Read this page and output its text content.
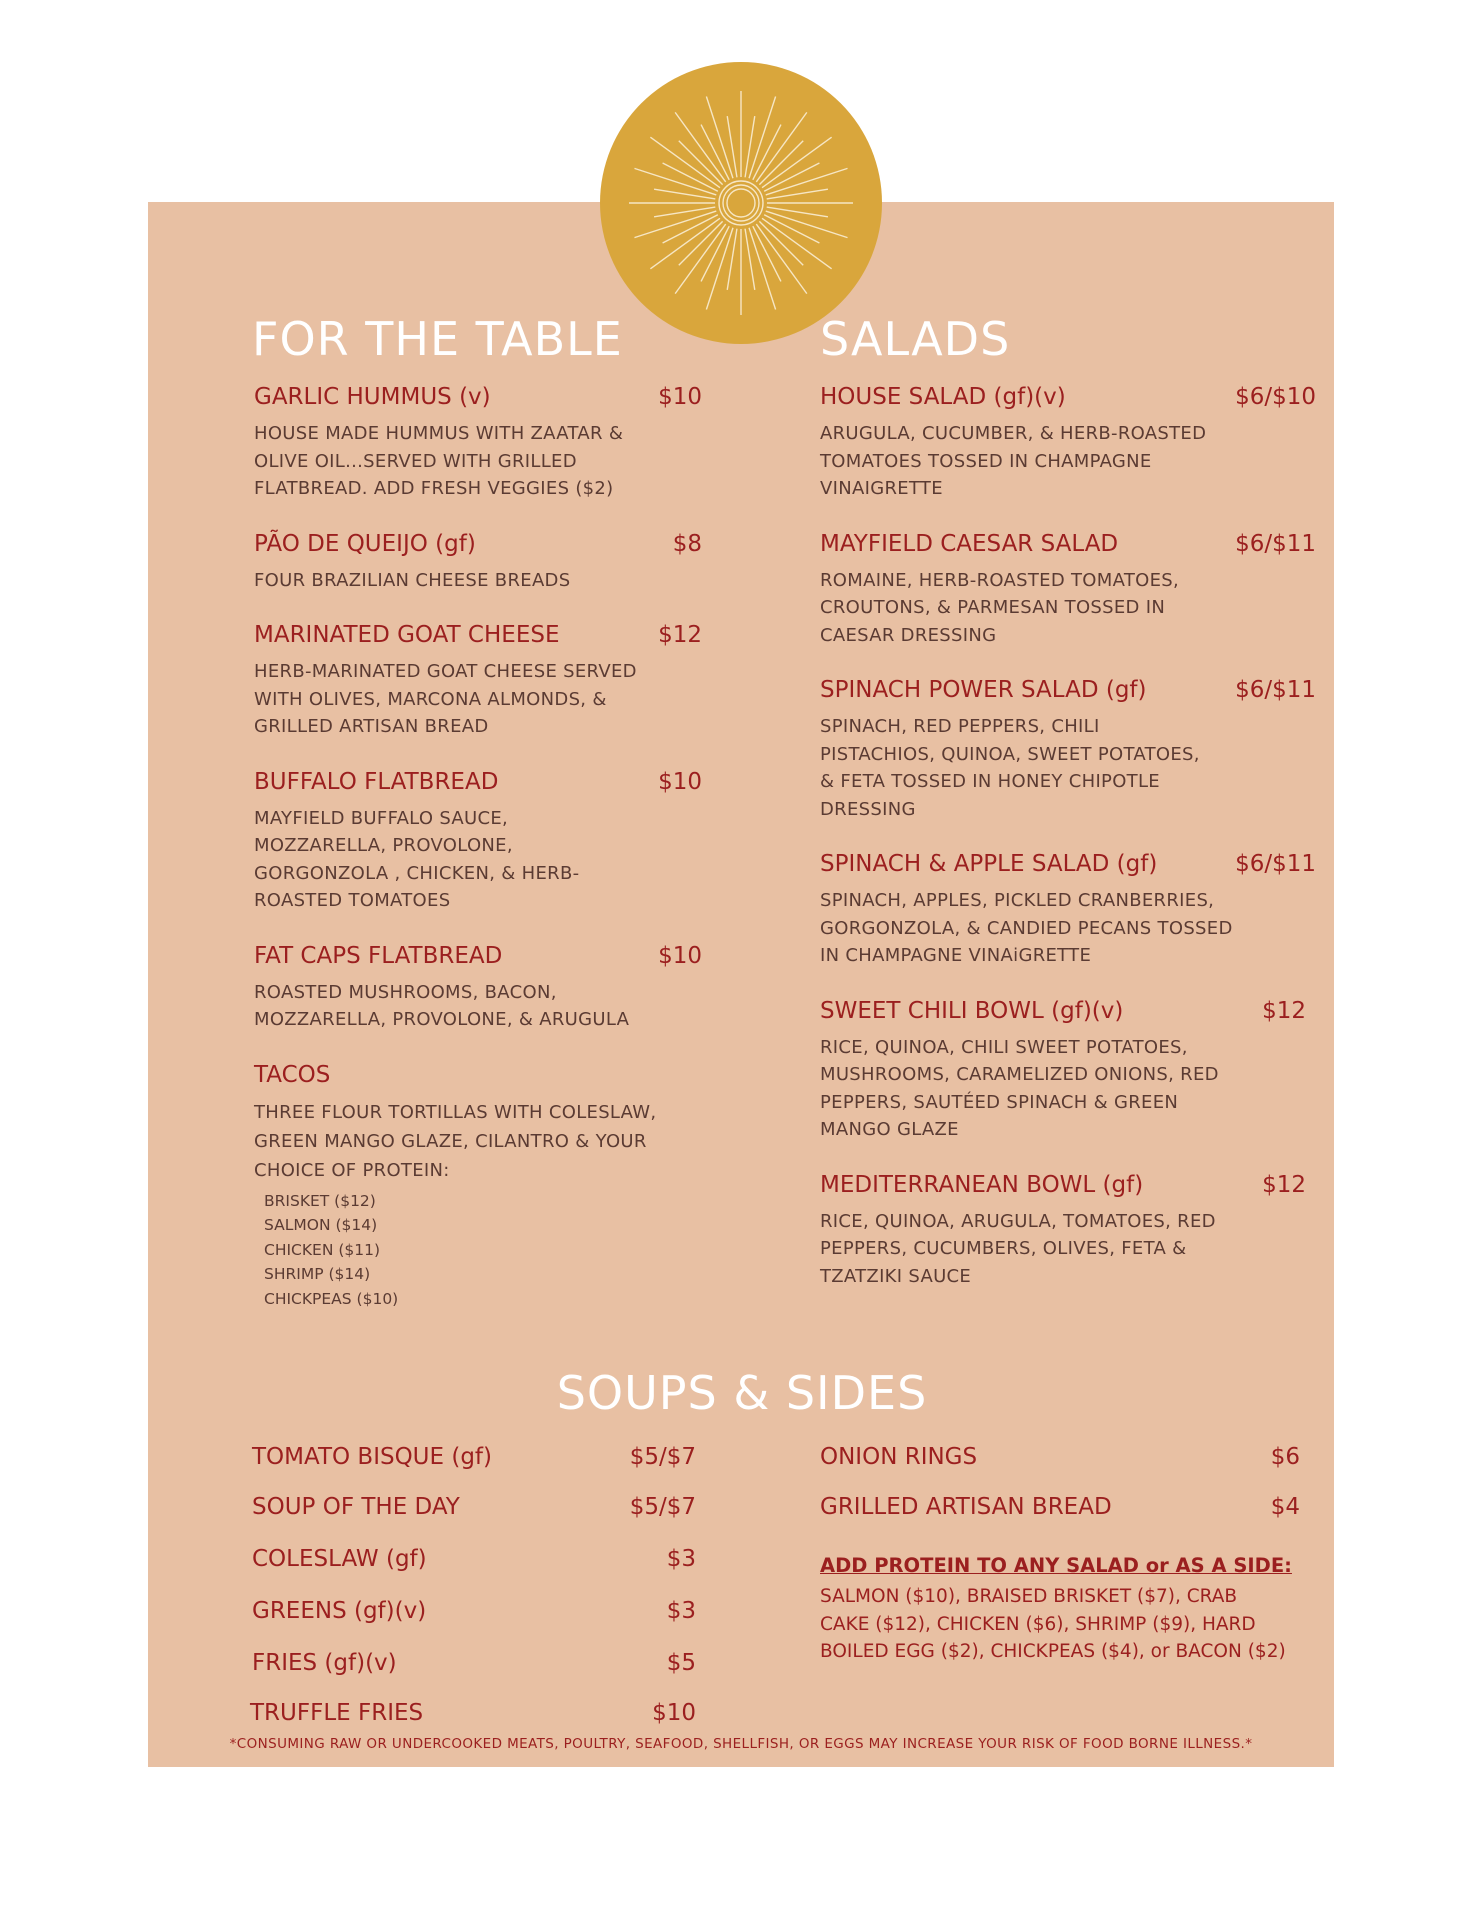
FOR THE TABLE
GARLIC HUMMUS (v)	$10
HOUSE MADE HUMMUS WITH ZAATAR & OLIVE OIL...SERVED WITH GRILLED FLATBREAD. ADD FRESH VEGGIES ($2)
PÃO DE QUEIJO (gf)	$8
FOUR BRAZILIAN CHEESE BREADS
MARINATED GOAT CHEESE	$12
HERB-MARINATED GOAT CHEESE SERVED WITH OLIVES, MARCONA ALMONDS, & GRILLED ARTISAN BREAD
BUFFALO FLATBREAD	$10
MAYFIELD BUFFALO SAUCE, MOZZARELLA, PROVOLONE, GORGONZOLA , CHICKEN, & HERB-ROASTED TOMATOES
FAT CAPS FLATBREAD	$10
ROASTED MUSHROOMS, BACON, MOZZARELLA, PROVOLONE, & ARUGULA
TACOS
THREE FLOUR TORTILLAS WITH COLESLAW, GREEN MANGO GLAZE, CILANTRO & YOUR CHOICE OF PROTEIN:
BRISKET ($12)
SALMON ($14)
CHICKEN ($11)
SHRIMP ($14)
CHICKPEAS ($10)
SALADS
HOUSE SALAD (gf)(v)	$6/$10
ARUGULA, CUCUMBER, & HERB-ROASTED TOMATOES TOSSED IN CHAMPAGNE VINAIGRETTE
MAYFIELD CAESAR SALAD	$6/$11
ROMAINE, HERB-ROASTED TOMATOES, CROUTONS, & PARMESAN TOSSED IN CAESAR DRESSING
SPINACH POWER SALAD (gf)	$6/$11
SPINACH, RED PEPPERS, CHILI PISTACHIOS, QUINOA, SWEET POTATOES, & FETA TOSSED IN HONEY CHIPOTLE DRESSING
SPINACH & APPLE SALAD (gf)	$6/$11
SPINACH, APPLES, PICKLED CRANBERRIES, GORGONZOLA, & CANDIED PECANS TOSSED IN CHAMPAGNE VINAiGRETTE
SWEET CHILI BOWL (gf)(v)	$12
RICE, QUINOA, CHILI SWEET POTATOES, MUSHROOMS, CARAMELIZED ONIONS, RED PEPPERS, SAUTÉED SPINACH & GREEN MANGO GLAZE
MEDITERRANEAN BOWL (gf)	$12
RICE, QUINOA, ARUGULA, TOMATOES, RED PEPPERS, CUCUMBERS, OLIVES, FETA & TZATZIKI SAUCE
SOUPS & SIDES
TOMATO BISQUE (gf)	$5/$7
SOUP OF THE DAY	$5/$7
COLESLAW (gf)	$3
GREENS (gf)(v)	$3
FRIES (gf)(v)	$5
TRUFFLE FRIES	$10
ONION RINGS	$6
GRILLED ARTISAN BREAD	$4
ADD PROTEIN TO ANY SALAD or AS A SIDE:
SALMON ($10), BRAISED BRISKET ($7), CRAB CAKE ($12), CHICKEN ($6), SHRIMP ($9), HARD BOILED EGG ($2), CHICKPEAS ($4), or BACON ($2)
*CONSUMING RAW OR UNDERCOOKED MEATS, POULTRY, SEAFOOD, SHELLFISH, OR EGGS MAY INCREASE YOUR RISK OF FOOD BORNE ILLNESS.*
